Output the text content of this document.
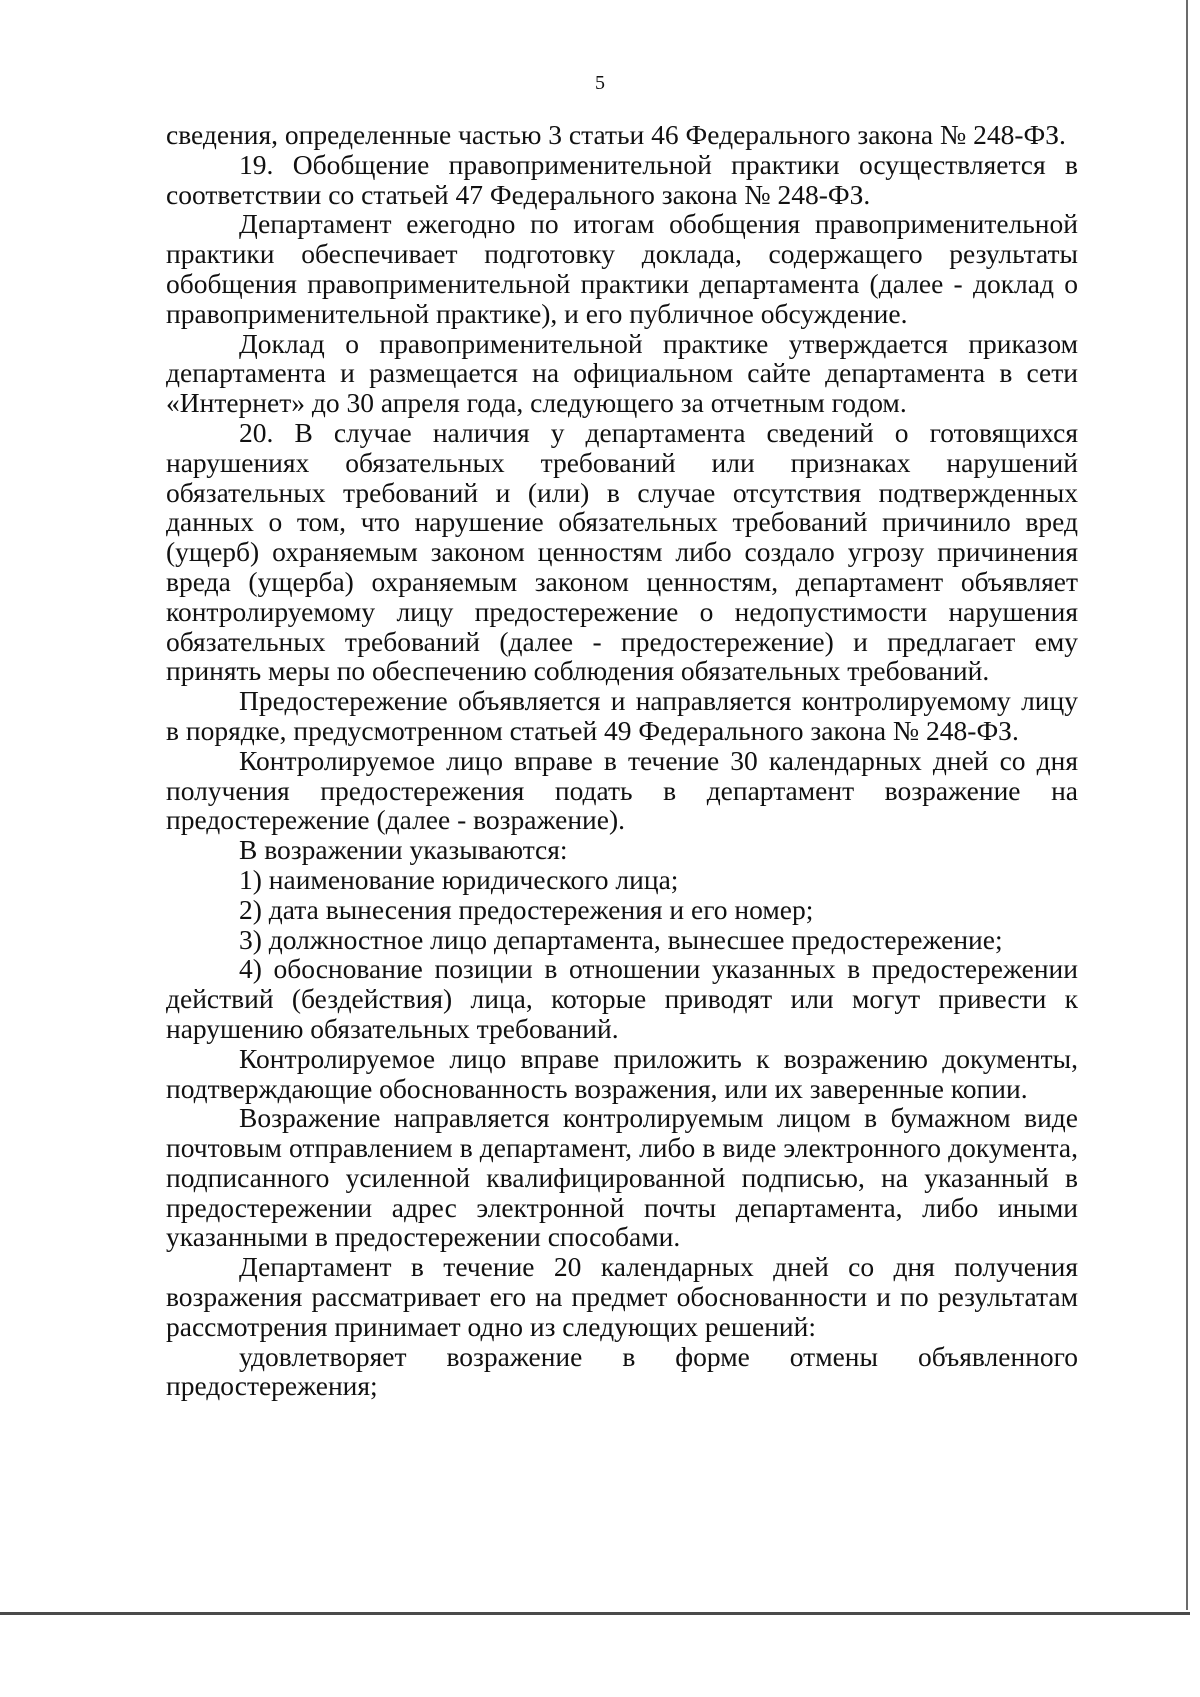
5

сведения, определенные частью 3 статьи 46 Федерального закона № 248-ФЗ.

19. Обобщение правоприменительной практики осуществляется в соответствии со статьей 47 Федерального закона № 248-ФЗ.

Департамент ежегодно по итогам обобщения правоприменительной практики обеспечивает подготовку доклада, содержащего результаты обобщения правоприменительной практики департамента (далее - доклад о правоприменительной практике), и его публичное обсуждение.

Доклад о правоприменительной практике утверждается приказом департамента и размещается на официальном сайте департамента в сети «Интернет» до 30 апреля года, следующего за отчетным годом.

20. В случае наличия у департамента сведений о готовящихся нарушениях обязательных требований или признаках нарушений обязательных требований и (или) в случае отсутствия подтвержденных данных о том, что нарушение обязательных требований причинило вред (ущерб) охраняемым законом ценностям либо создало угрозу причинения вреда (ущерба) охраняемым законом ценностям, департамент объявляет контролируемому лицу предостережение о недопустимости нарушения обязательных требований (далее - предостережение) и предлагает ему принять меры по обеспечению соблюдения обязательных требований.

Предостережение объявляется и направляется контролируемому лицу в порядке, предусмотренном статьей 49 Федерального закона № 248-ФЗ.

Контролируемое лицо вправе в течение 30 календарных дней со дня получения предостережения подать в департамент возражение на предостережение (далее - возражение).

В возражении указываются:

1) наименование юридического лица;

2) дата вынесения предостережения и его номер;

3) должностное лицо департамента, вынесшее предостережение;

4) обоснование позиции в отношении указанных в предостережении действий (бездействия) лица, которые приводят или могут привести к нарушению обязательных требований.

Контролируемое лицо вправе приложить к возражению документы, подтверждающие обоснованность возражения, или их заверенные копии.

Возражение направляется контролируемым лицом в бумажном виде почтовым отправлением в департамент, либо в виде электронного документа, подписанного усиленной квалифицированной подписью, на указанный в предостережении адрес электронной почты департамента, либо иными указанными в предостережении способами.

Департамент в течение 20 календарных дней со дня получения возражения рассматривает его на предмет обоснованности и по результатам рассмотрения принимает одно из следующих решений:

удовлетворяет возражение в форме отмены объявленного предостережения;
